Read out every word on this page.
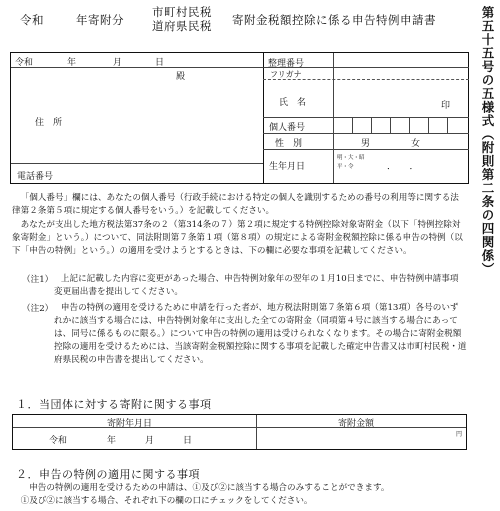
令和	年寄附分
市町村民税
道府県民税 寄附金税額控除に係る申告特例申請書	第五十五号の五様式（附則第二条の四関係）
令和	年	月	日
殿
住　所
電話番号
整理番号
フリガナ
氏　名	印
個人番号
性　別	男	女
生年月日
明・大・昭
平・令	．　　．
「個人番号」欄には、あなたの個人番号（行政手続における特定の個人を識別するための番号の利用等に関する法律第２条第５項に規定する個人番号をいう。）を記載してください。
あなたが支出した地方税法第37条の２（第314条の７）第２項に規定する特例控除対象寄附金（以下「特例控除対象寄附金」という。）について、同法附則第７条第１項（第８項）の規定による寄附金税額控除に係る申告の特例（以下「申告の特例」という。）の適用を受けようとするときは、下の欄に必要な事項を記載してください。
（注1） 上記に記載した内容に変更があった場合、申告特例対象年の翌年の１月10日までに、申告特例申請事項変更届出書を提出してください。
（注2） 申告の特例の適用を受けるために申請を行った者が、地方税法附則第７条第６項（第13項）各号のいずれかに該当する場合には、申告特例対象年に支出した全ての寄附金（同項第４号に該当する場合にあっては、同号に係るものに限る。）について申告の特例の適用は受けられなくなります。その場合に寄附金税額控除の適用を受けるためには、当該寄附金税額控除に関する事項を記載した確定申告書又は市町村民税・道府県民税の申告書を提出してください。
１．当団体に対する寄附に関する事項
寄附年月日	寄附金額
令和	年	月	日
円
２．申告の特例の適用に関する事項
申告の特例の適用を受けるための申請は、①及び②に該当する場合のみすることができます。
①及び②に該当する場合、それぞれ下の欄の口にチェックをしてください。
